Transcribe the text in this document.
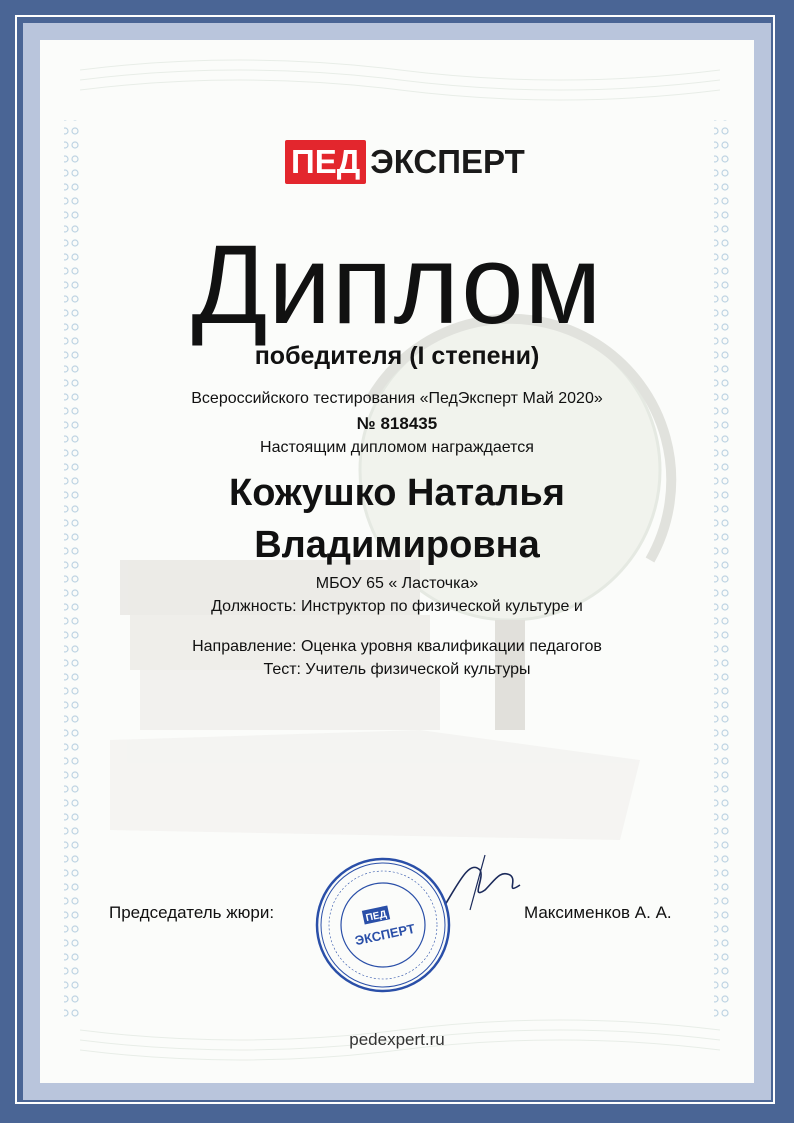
ПЕД ЭКСПЕРТ
Диплом
победителя (I степени)
Всероссийского тестирования «ПедЭксперт Май 2020»
№ 818435
Настоящим дипломом награждается
Кожушко Наталья
Владимировна
МБОУ 65 « Ласточка»
Должность: Инструктор по физической культуре и
Направление: Оценка уровня квалификации педагогов
Тест: Учитель физической культуры
Председатель жюри:	Максименков А. А.
ПЕД
ЭКСПЕРТ
pedexpert.ru
